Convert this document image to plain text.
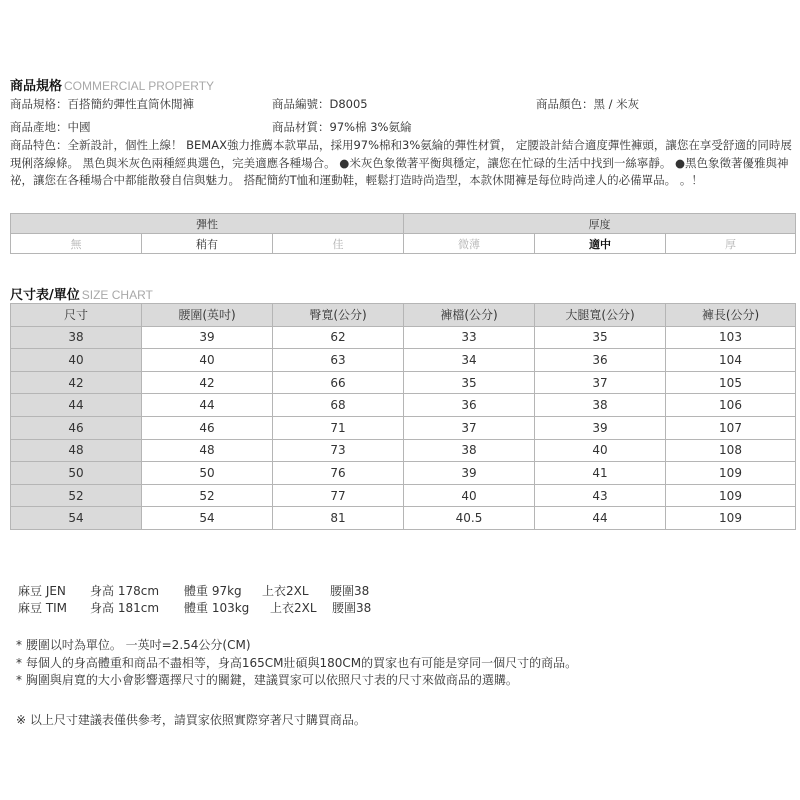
商品規格 COMMERCIAL PROPERTY
商品規格：百搭簡約彈性直筒休閒褲	商品編號：D8005	商品顏色：黑 / 米灰
商品產地：中國	商品材質：97%棉 3%氨綸
商品特色：全新設計，個性上線！ BEMAX強力推薦本款單品，採用97%棉和3%氨綸的彈性材質， 定腰設計結合適度彈性褲頭，讓您在享受舒適的同時展現俐落線條。 黑色與米灰色兩種經典選色，完美適應各種場合。 ●米灰色象徵著平衡與穩定，讓您在忙碌的生活中找到一絲寧靜。 ●黑色象徵著優雅與神祕，讓您在各種場合中都能散發自信與魅力。 搭配簡約T恤和運動鞋，輕鬆打造時尚造型，本款休閒褲是每位時尚達人的必備單品。 。！
彈性			厚度		
無	稍有	佳	微薄	適中	厚
尺寸表/單位 SIZE CHART
尺寸	腰圍(英吋)	臀寬(公分)	褲檔(公分)	大腿寬(公分)	褲長(公分)
38	39	62	33	35	103
40	40	63	34	36	104
42	42	66	35	37	105
44	44	68	36	38	106
46	46	71	37	39	107
48	48	73	38	40	108
50	50	76	39	41	109
52	52	77	40	43	109
54	54	81	40.5	44	109
麻豆 JEN 身高 178cm 體重 97kg 上衣2XL 腰圍38
麻豆 TIM 身高 181cm 體重 103kg 上衣2XL 腰圍38
* 腰圍以吋為單位。 一英吋=2.54公分(CM)
* 每個人的身高體重和商品不盡相等，身高165CM壯碩與180CM的買家也有可能是穿同一個尺寸的商品。
* 胸圍與肩寬的大小會影響選擇尺寸的關鍵，建議買家可以依照尺寸表的尺寸來做商品的選購。
※ 以上尺寸建議表僅供參考，請買家依照實際穿著尺寸購買商品。
